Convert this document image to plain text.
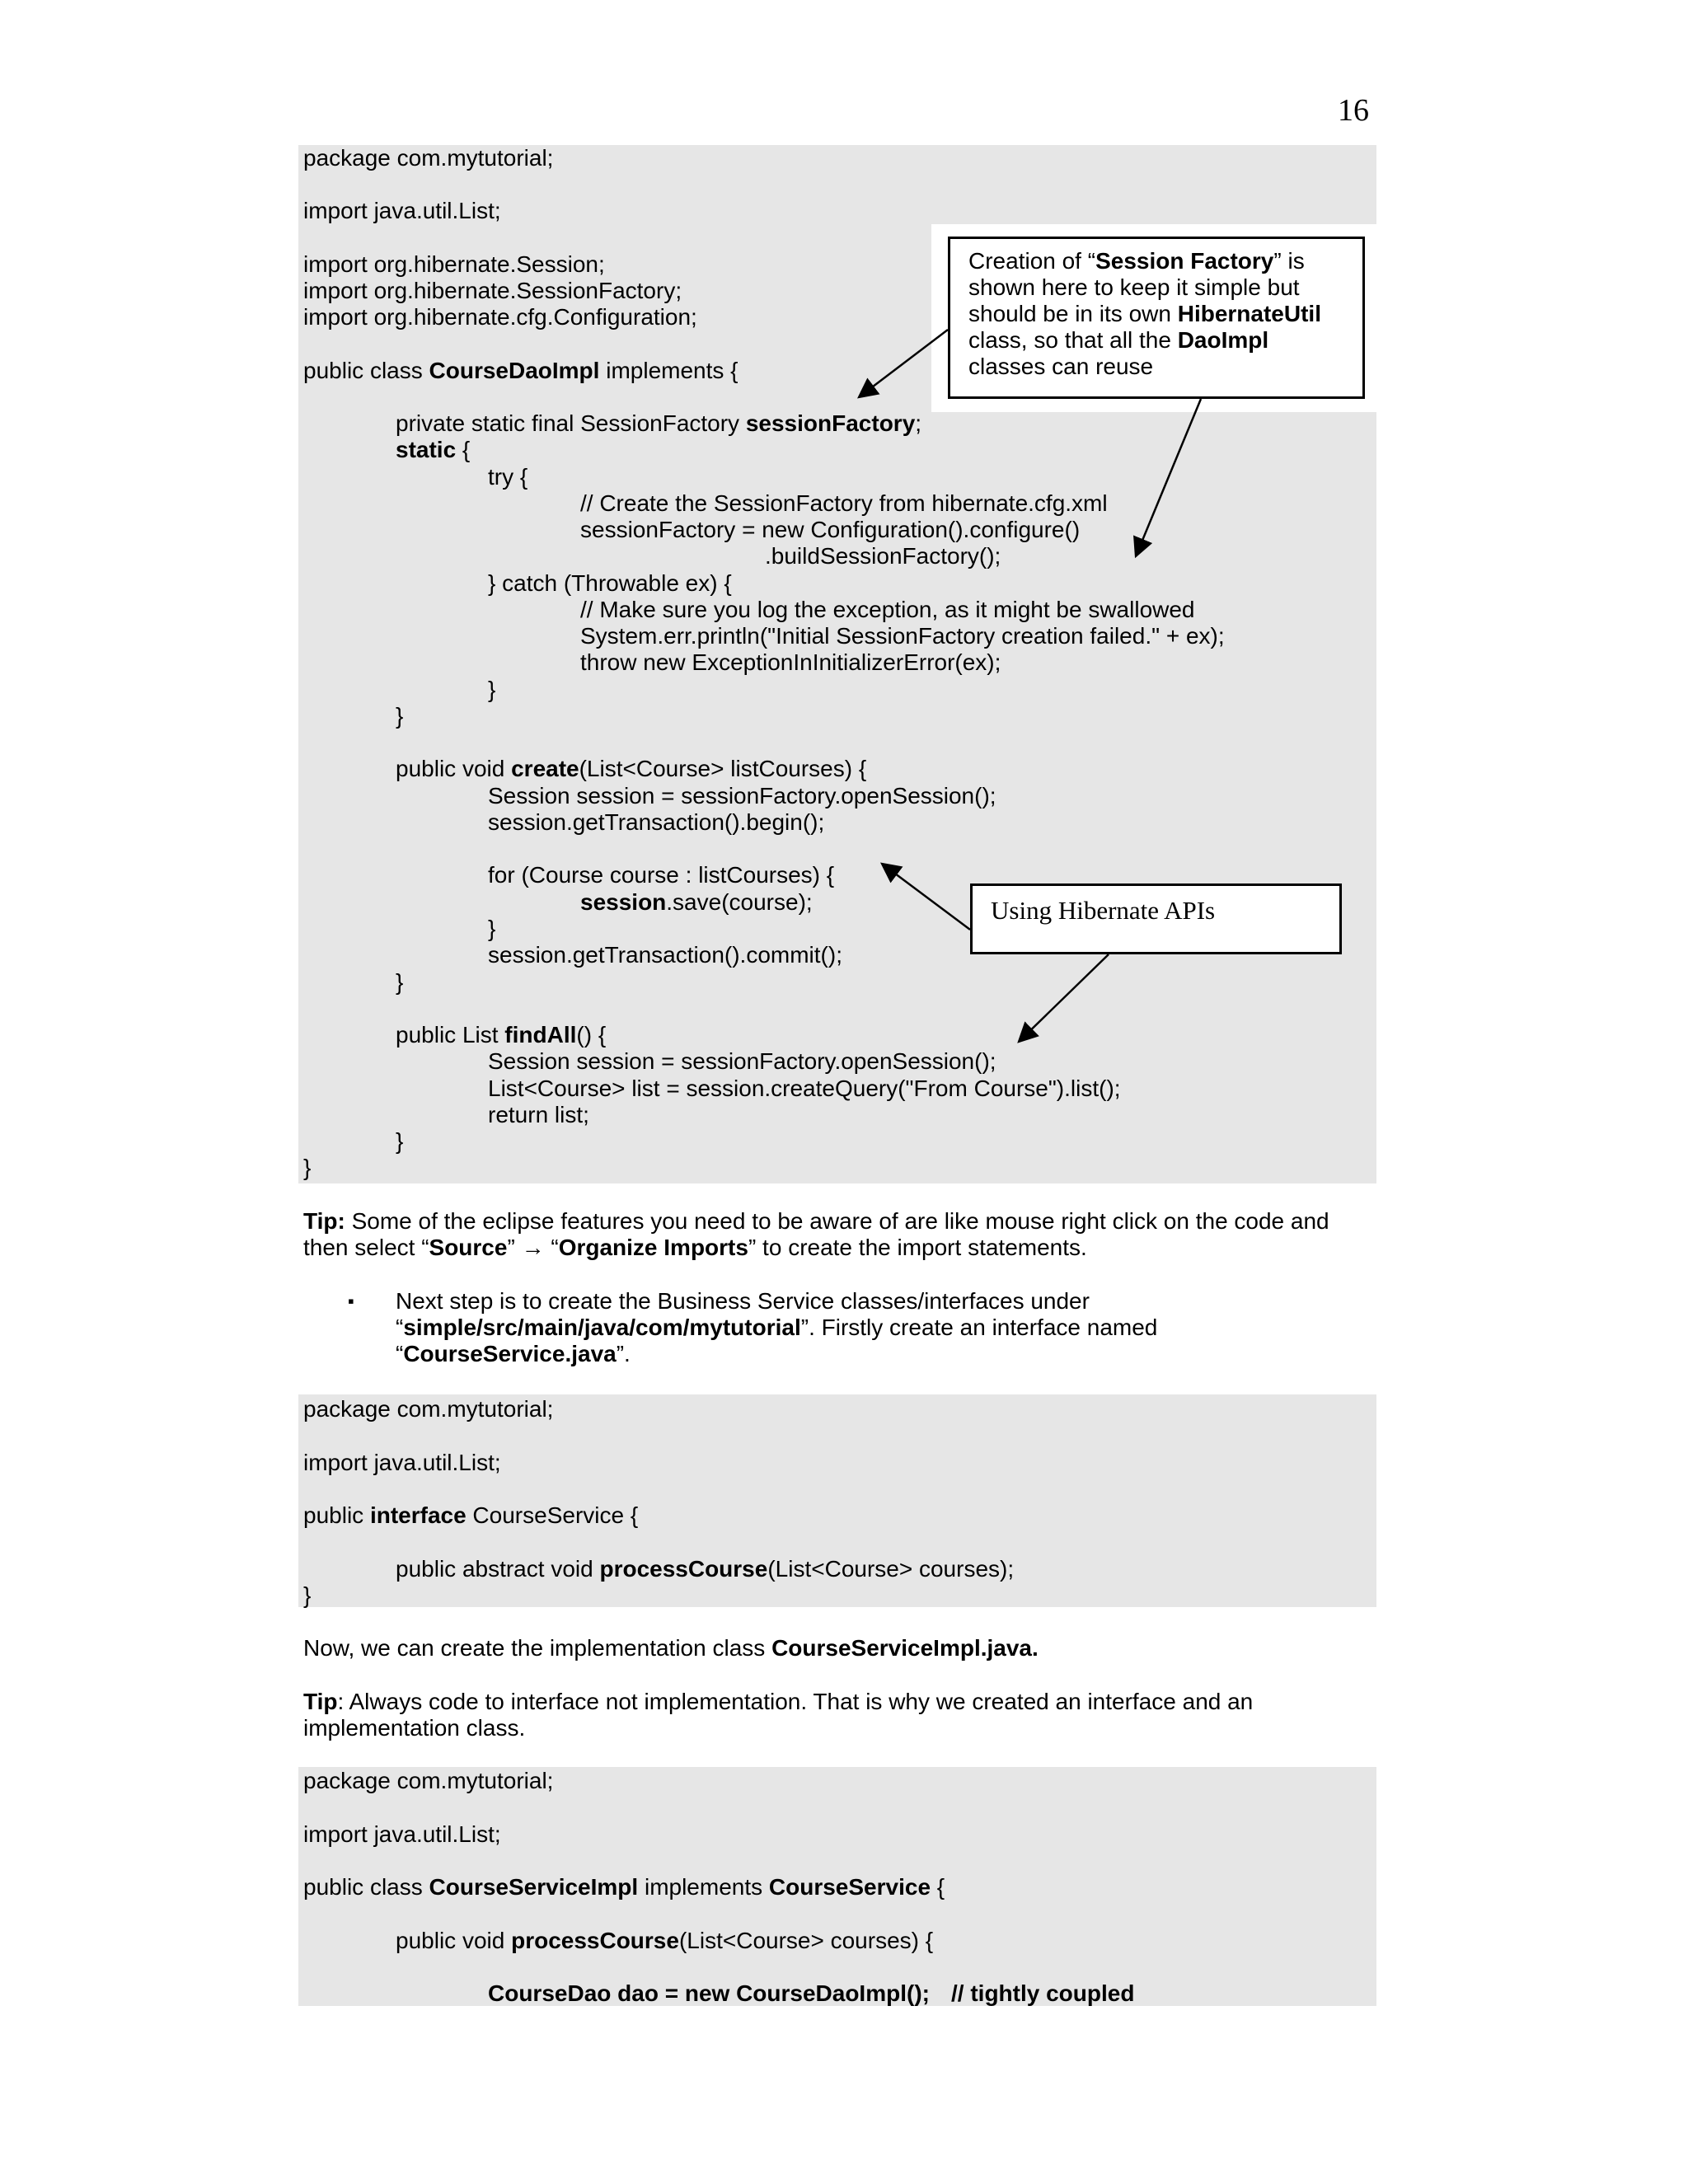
16
package com.mytutorial;
import java.util.List;
import org.hibernate.Session;
import org.hibernate.SessionFactory;
import org.hibernate.cfg.Configuration;
public class CourseDaoImpl implements {
private static final SessionFactory sessionFactory;
static {
try {
// Create the SessionFactory from hibernate.cfg.xml
sessionFactory = new Configuration().configure()
.buildSessionFactory();
} catch (Throwable ex) {
// Make sure you log the exception, as it might be swallowed
System.err.println("Initial SessionFactory creation failed." + ex);
throw new ExceptionInInitializerError(ex);
}
}
public void create(List<Course> listCourses) {
Session session = sessionFactory.openSession();
session.getTransaction().begin();
for (Course course : listCourses) {
session.save(course);
}
session.getTransaction().commit();
}
public List findAll() {
Session session = sessionFactory.openSession();
List<Course> list = session.createQuery("From Course").list();
return list;
}
}
Creation of “Session Factory” is
shown here to keep it simple but
should be in its own HibernateUtil
class, so that all the DaoImpl
classes can reuse
Using Hibernate APIs
Tip: Some of the eclipse features you need to be aware of are like mouse right click on the code and
then select “Source” → “Organize Imports” to create the import statements.
▪ Next step is to create the Business Service classes/interfaces under
“simple/src/main/java/com/mytutorial”. Firstly create an interface named
“CourseService.java”.
package com.mytutorial;
import java.util.List;
public interface CourseService {
public abstract void processCourse(List<Course> courses);
}
Now, we can create the implementation class CourseServiceImpl.java.
Tip: Always code to interface not implementation. That is why we created an interface and an
implementation class.
package com.mytutorial;
import java.util.List;
public class CourseServiceImpl implements CourseService {
public void processCourse(List<Course> courses) {
CourseDao dao = new CourseDaoImpl(); // tightly coupled
